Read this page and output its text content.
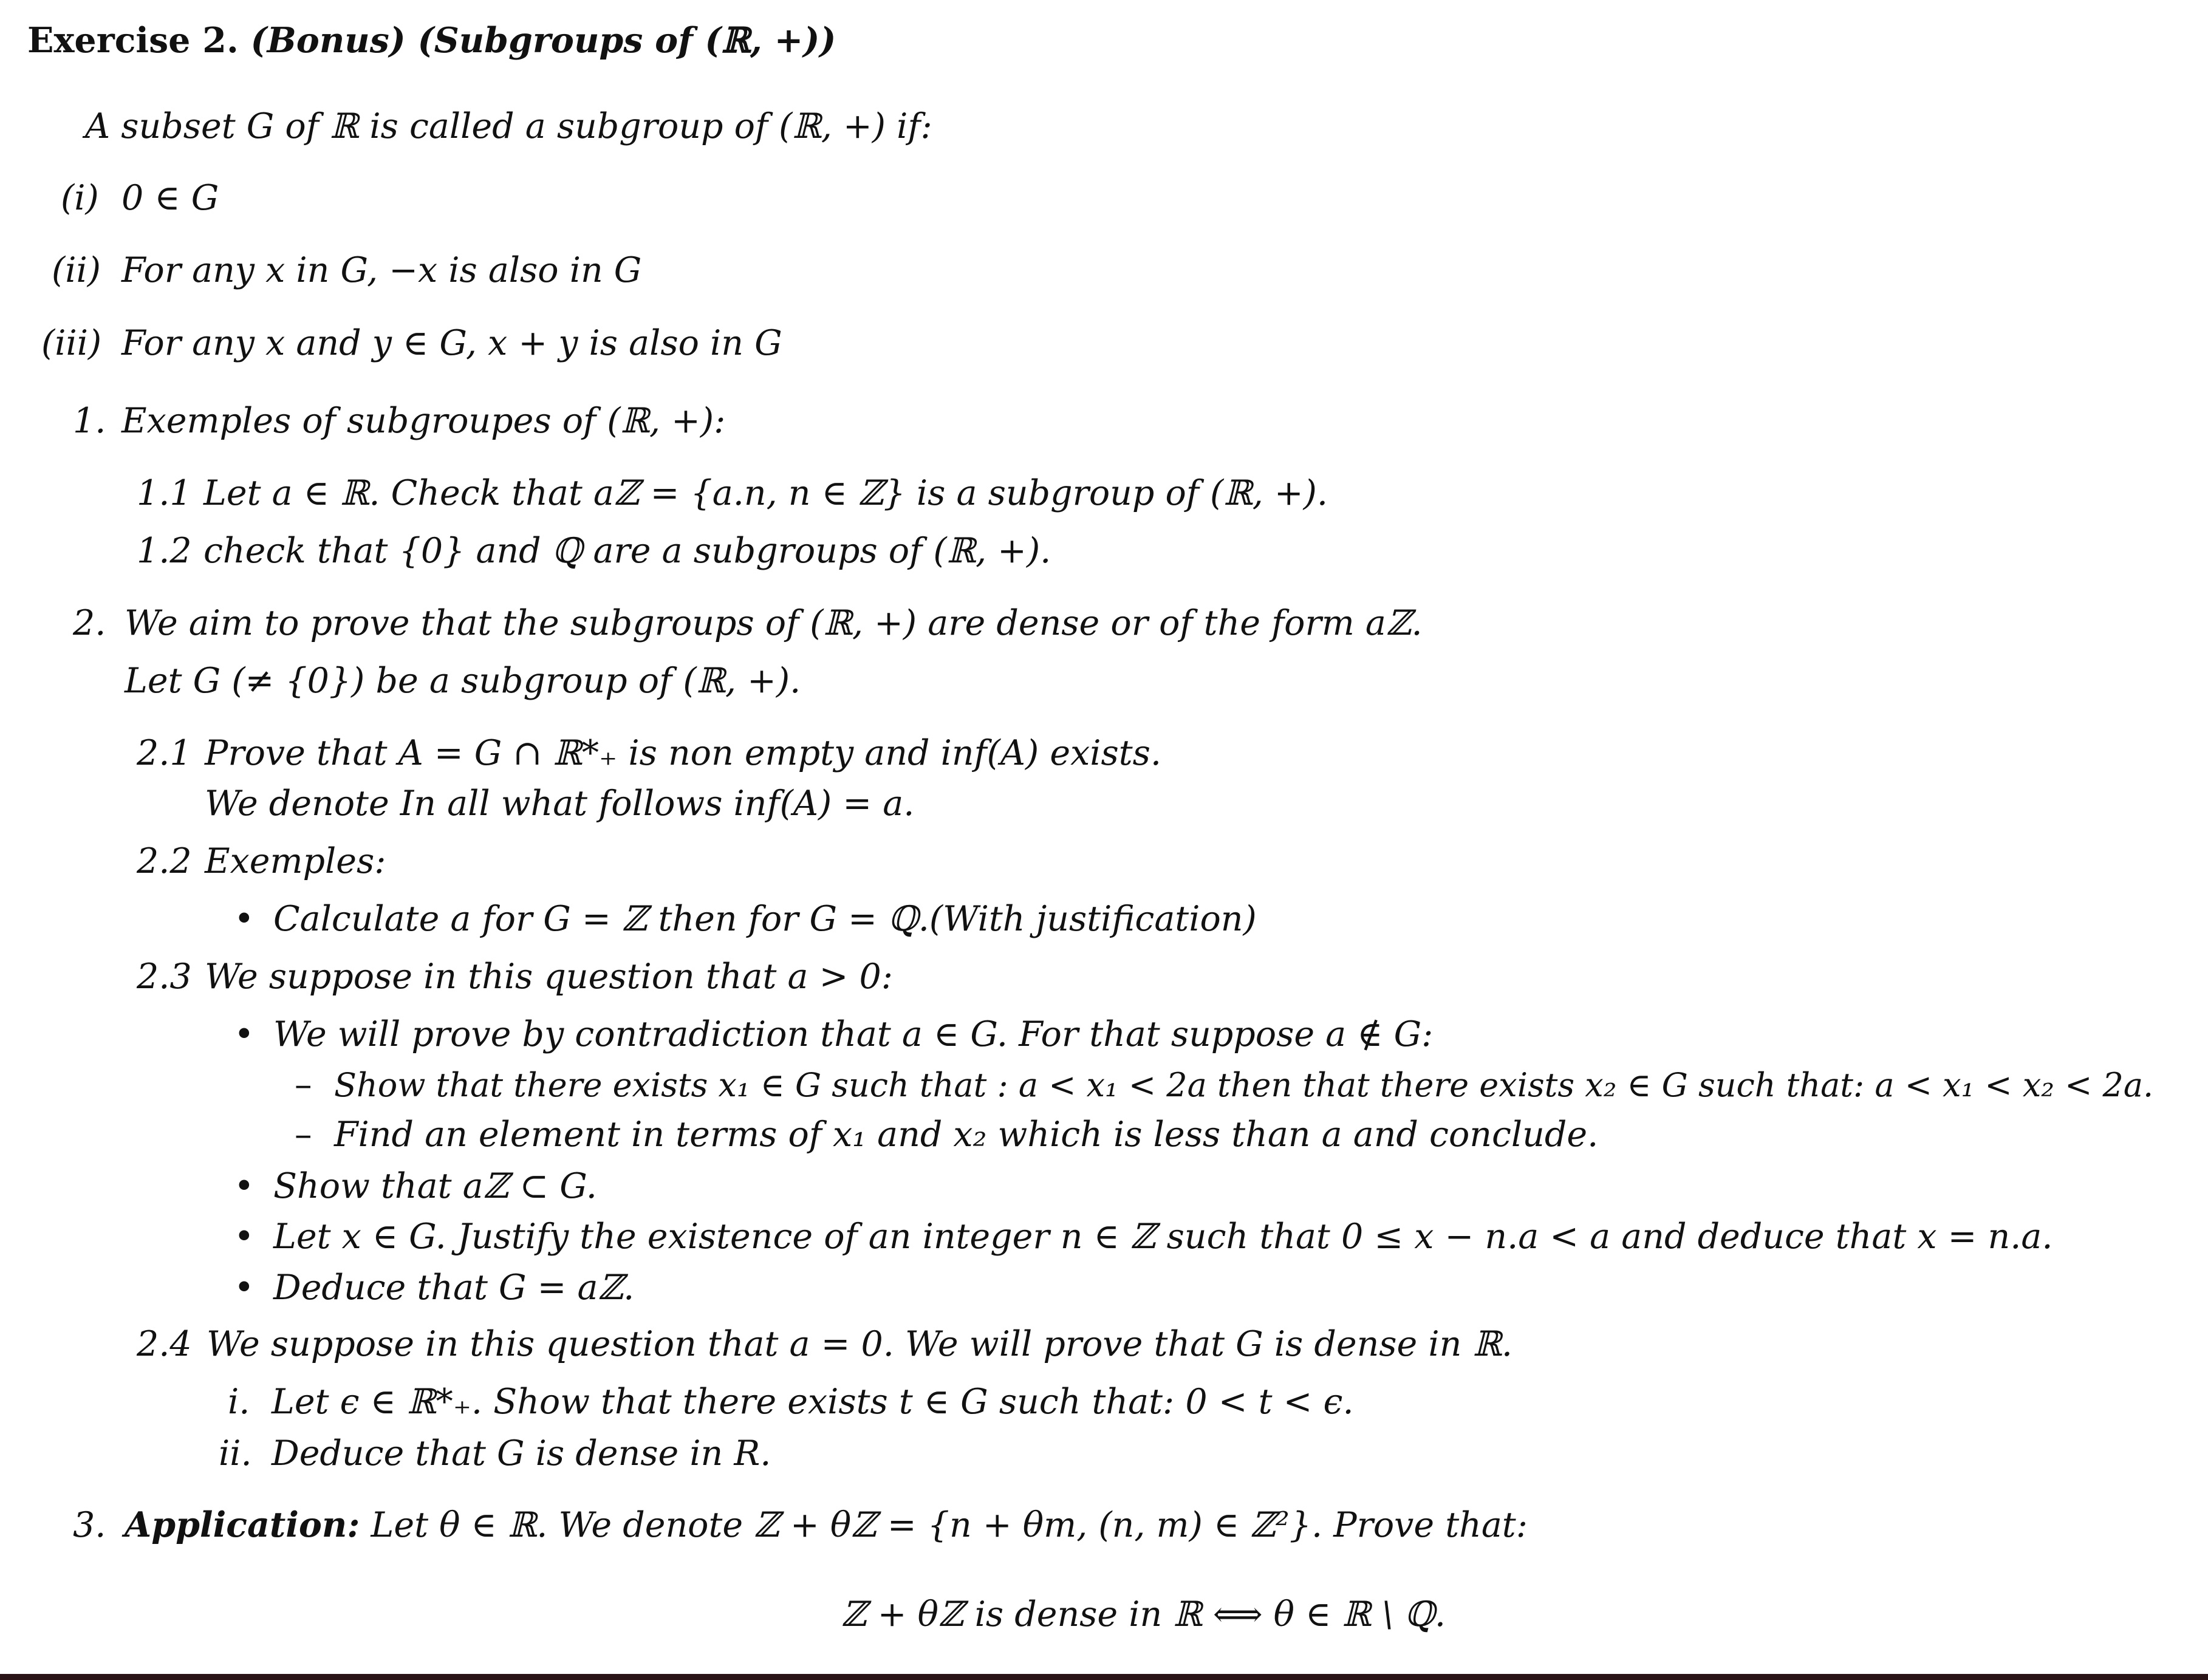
Exercise 2. (Bonus) (Subgroups of (ℝ, +))
A subset G of ℝ is called a subgroup of (ℝ, +) if:
(i) 0 ∈ G
(ii) For any x in G, −x is also in G
(iii) For any x and y ∈ G, x + y is also in G
1. Exemples of subgroupes of (ℝ, +):
1.1 Let a ∈ ℝ. Check that aℤ = {a.n, n ∈ ℤ} is a subgroup of (ℝ, +).
1.2 check that {0} and ℚ are a subgroups of (ℝ, +).
2. We aim to prove that the subgroups of (ℝ, +) are dense or of the form aℤ.
Let G (≠ {0}) be a subgroup of (ℝ, +).
2.1 Prove that A = G ∩ ℝ*₊ is non empty and inf(A) exists.
We denote In all what follows inf(A) = a.
2.2 Exemples:
• Calculate a for G = ℤ then for G = ℚ.(With justification)
2.3 We suppose in this question that a > 0:
• We will prove by contradiction that a ∈ G. For that suppose a ∉ G:
– Show that there exists x₁ ∈ G such that : a < x₁ < 2a then that there exists x₂ ∈ G such that: a < x₁ < x₂ < 2a.
– Find an element in terms of x₁ and x₂ which is less than a and conclude.
• Show that aℤ ⊂ G.
• Let x ∈ G. Justify the existence of an integer n ∈ ℤ such that 0 ≤ x − n.a < a and deduce that x = n.a.
• Deduce that G = aℤ.
2.4 We suppose in this question that a = 0. We will prove that G is dense in ℝ.
i. Let ϵ ∈ ℝ*₊. Show that there exists t ∈ G such that: 0 < t < ϵ.
ii. Deduce that G is dense in R.
3. Application: Let θ ∈ ℝ. We denote ℤ + θℤ = {n + θm, (n, m) ∈ ℤ²}. Prove that:
ℤ + θℤ is dense in ℝ ⟺ θ ∈ ℝ \ ℚ.
